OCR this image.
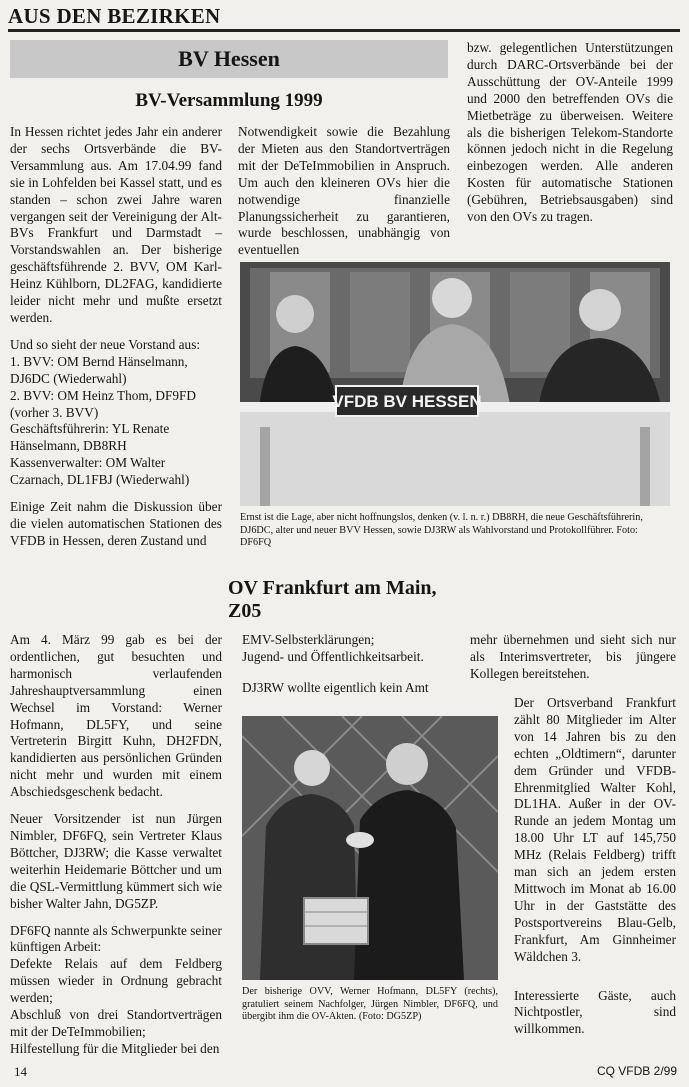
AUS DEN BEZIRKEN
BV Hessen	bzw. gelegentlichen Unterstützungen durch DARC-Ortsverbände bei der Ausschüttung der OV-Anteile 1999 und 2000 den betreffenden OVs die Mietbeträge zu überweisen. Weitere als die bisherigen Telekom-Standorte können jedoch nicht in die Regelung einbezogen werden. Alle anderen Kosten für automatische Stationen (Gebühren, Betriebsausgaben) sind von den OVs zu tragen.

BV-Versammlung 1999

In Hessen richtet jedes Jahr ein anderer der sechs Ortsverbände die BV-Versammlung aus. Am 17.04.99 fand sie in Lohfelden bei Kassel statt, und es standen – schon zwei Jahre waren vergangen seit der Vereinigung der Alt-BVs Frankfurt und Darmstadt – Vorstandswahlen an. Der bisherige geschäftsführende 2. BVV, OM Karl-Heinz Kühlborn, DL2FAG, kandidierte leider nicht mehr und mußte ersetzt werden.

Und so sieht der neue Vorstand aus:
1. BVV: OM Bernd Hänselmann, DJ6DC (Wiederwahl)
2. BVV: OM Heinz Thom, DF9FD (vorher 3. BVV)
Geschäftsführerin: YL Renate Hänselmann, DB8RH
Kassenverwalter: OM Walter Czarnach, DL1FBJ (Wiederwahl)

Einige Zeit nahm die Diskussion über die vielen automatischen Stationen des VFDB in Hessen, deren Zustand und

Notwendigkeit sowie die Bezahlung der Mieten aus den Standortverträgen mit der DeTeImmobilien in Anspruch. Um auch den kleineren OVs hier die notwendige finanzielle Planungssicherheit zu garantieren, wurde beschlossen, unabhängig von eventuellen

VFDB BV HESSEN
Ernst ist die Lage, aber nicht hoffnungslos, denken (v. l. n. r.) DB8RH, die neue Geschäftsführerin, DJ6DC, alter und neuer BVV Hessen, sowie DJ3RW als Wahlvorstand und Protokollführer. Foto: DF6FQ
OV Frankfurt am Main, Z05

Am 4. März 99 gab es bei der ordentlichen, gut besuchten und harmonisch verlaufenden Jahreshauptversammlung einen Wechsel im Vorstand: Werner Hofmann, DL5FY, und seine Vertreterin Birgitt Kuhn, DH2FDN, kandidierten aus persönlichen Gründen nicht mehr und wurden mit einem Abschiedsgeschenk bedacht.

Neuer Vorsitzender ist nun Jürgen Nimbler, DF6FQ, sein Vertreter Klaus Böttcher, DJ3RW; die Kasse verwaltet weiterhin Heidemarie Böttcher und um die QSL-Vermittlung kümmert sich wie bisher Walter Jahn, DG5ZP.

DF6FQ nannte als Schwerpunkte seiner künftigen Arbeit:
Defekte Relais auf dem Feldberg müssen wieder in Ordnung gebracht werden;
Abschluß von drei Standortverträgen mit der DeTeImmobilien;
Hilfestellung für die Mitglieder bei den

EMV-Selbsterklärungen;
Jugend- und Öffentlichkeitsarbeit.

DJ3RW wollte eigentlich kein Amt

Der bisherige OVV, Werner Hofmann, DL5FY (rechts), gratuliert seinem Nachfolger, Jürgen Nimbler, DF6FQ, und übergibt ihm die OV-Akten. (Foto: DG5ZP)

mehr übernehmen und sieht sich nur als Interimsvertreter, bis jüngere Kollegen bereitstehen.

Der Ortsverband Frankfurt zählt 80 Mitglieder im Alter von 14 Jahren bis zu den echten „Oldtimern“, darunter dem Gründer und VFDB-Ehrenmitglied Walter Kohl, DL1HA. Außer in der OV-Runde an jedem Montag um 18.00 Uhr LT auf 145,750 MHz (Relais Feldberg) trifft man sich an jedem ersten Mittwoch im Monat ab 16.00 Uhr in der Gaststätte des Postsportvereins Blau-Gelb, Frankfurt, Am Ginnheimer Wäldchen 3.

Interessierte Gäste, auch Nichtpostler, sind willkommen.

14	CQ VFDB 2/99
